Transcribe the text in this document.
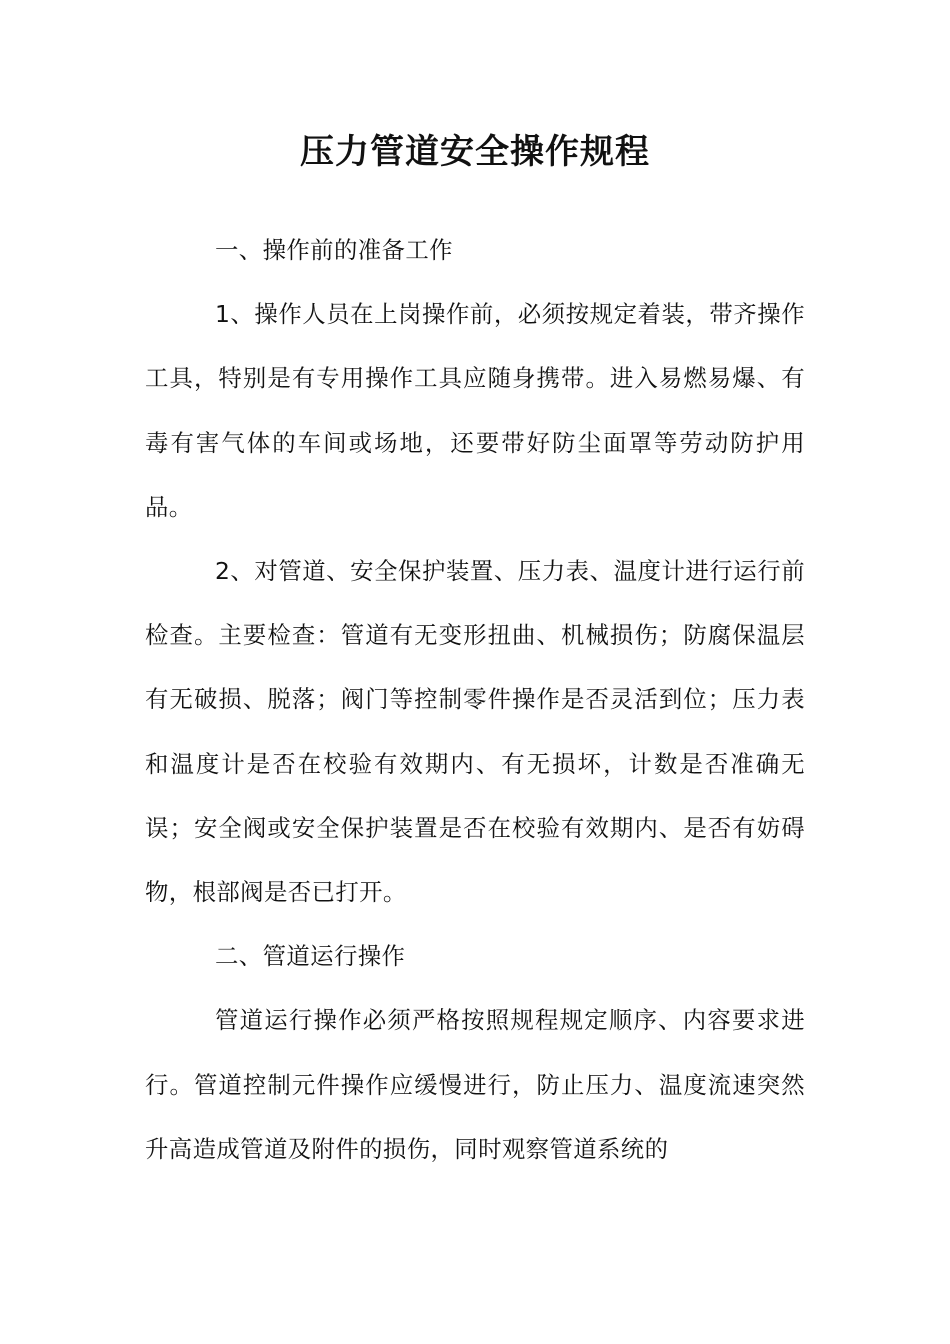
压力管道安全操作规程

一、操作前的准备工作

1、操作人员在上岗操作前，必须按规定着装，带齐操作工具，特别是有专用操作工具应随身携带。进入易燃易爆、有毒有害气体的车间或场地，还要带好防尘面罩等劳动防护用品。

2、对管道、安全保护装置、压力表、温度计进行运行前检查。主要检查：管道有无变形扭曲、机械损伤；防腐保温层有无破损、脱落；阀门等控制零件操作是否灵活到位；压力表和温度计是否在校验有效期内、有无损坏，计数是否准确无误；安全阀或安全保护装置是否在校验有效期内、是否有妨碍物，根部阀是否已打开。

二、管道运行操作

管道运行操作必须严格按照规程规定顺序、内容要求进行。管道控制元件操作应缓慢进行，防止压力、温度流速突然升高造成管道及附件的损伤，同时观察管道系统的
